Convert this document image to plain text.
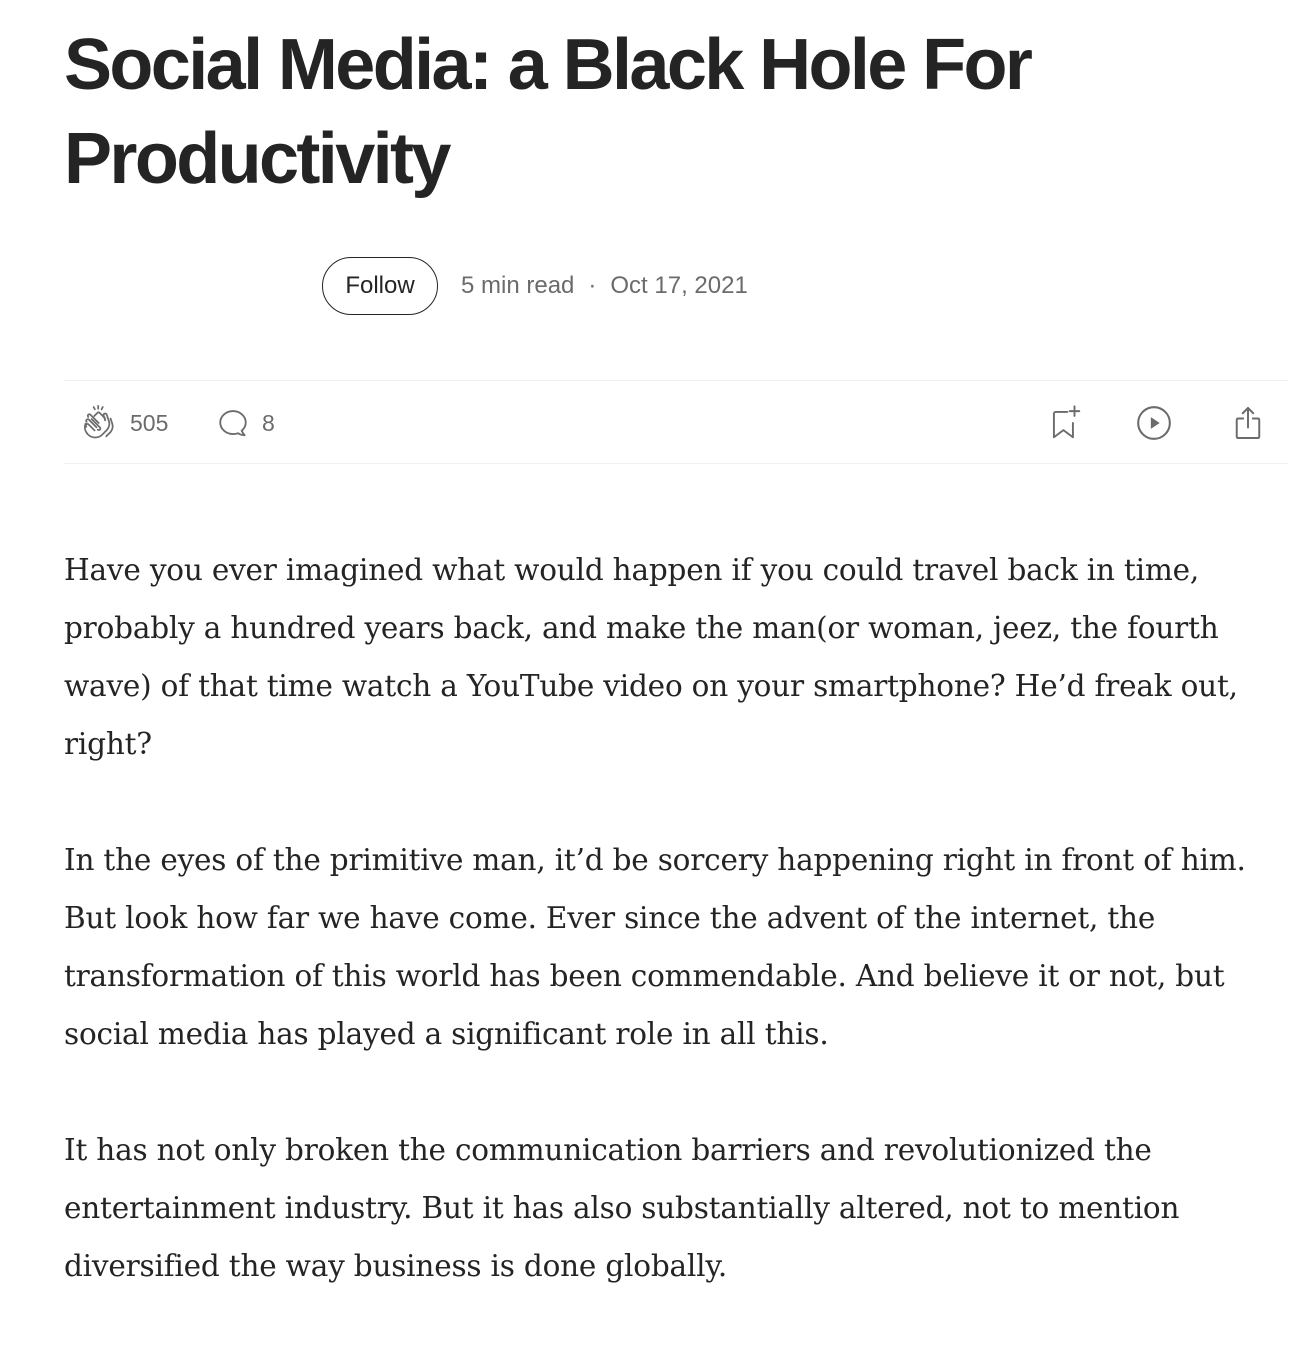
Social Media: a Black Hole For Productivity
Follow	5 min read · Oct 17, 2021
505	8

Have you ever imagined what would happen if you could travel back in time, probably a hundred years back, and make the man(or woman, jeez, the fourth wave) of that time watch a YouTube video on your smartphone? He’d freak out, right?

In the eyes of the primitive man, it’d be sorcery happening right in front of him. But look how far we have come. Ever since the advent of the internet, the transformation of this world has been commendable. And believe it or not, but social media has played a significant role in all this.

It has not only broken the communication barriers and revolutionized the entertainment industry. But it has also substantially altered, not to mention diversified the way business is done globally.
